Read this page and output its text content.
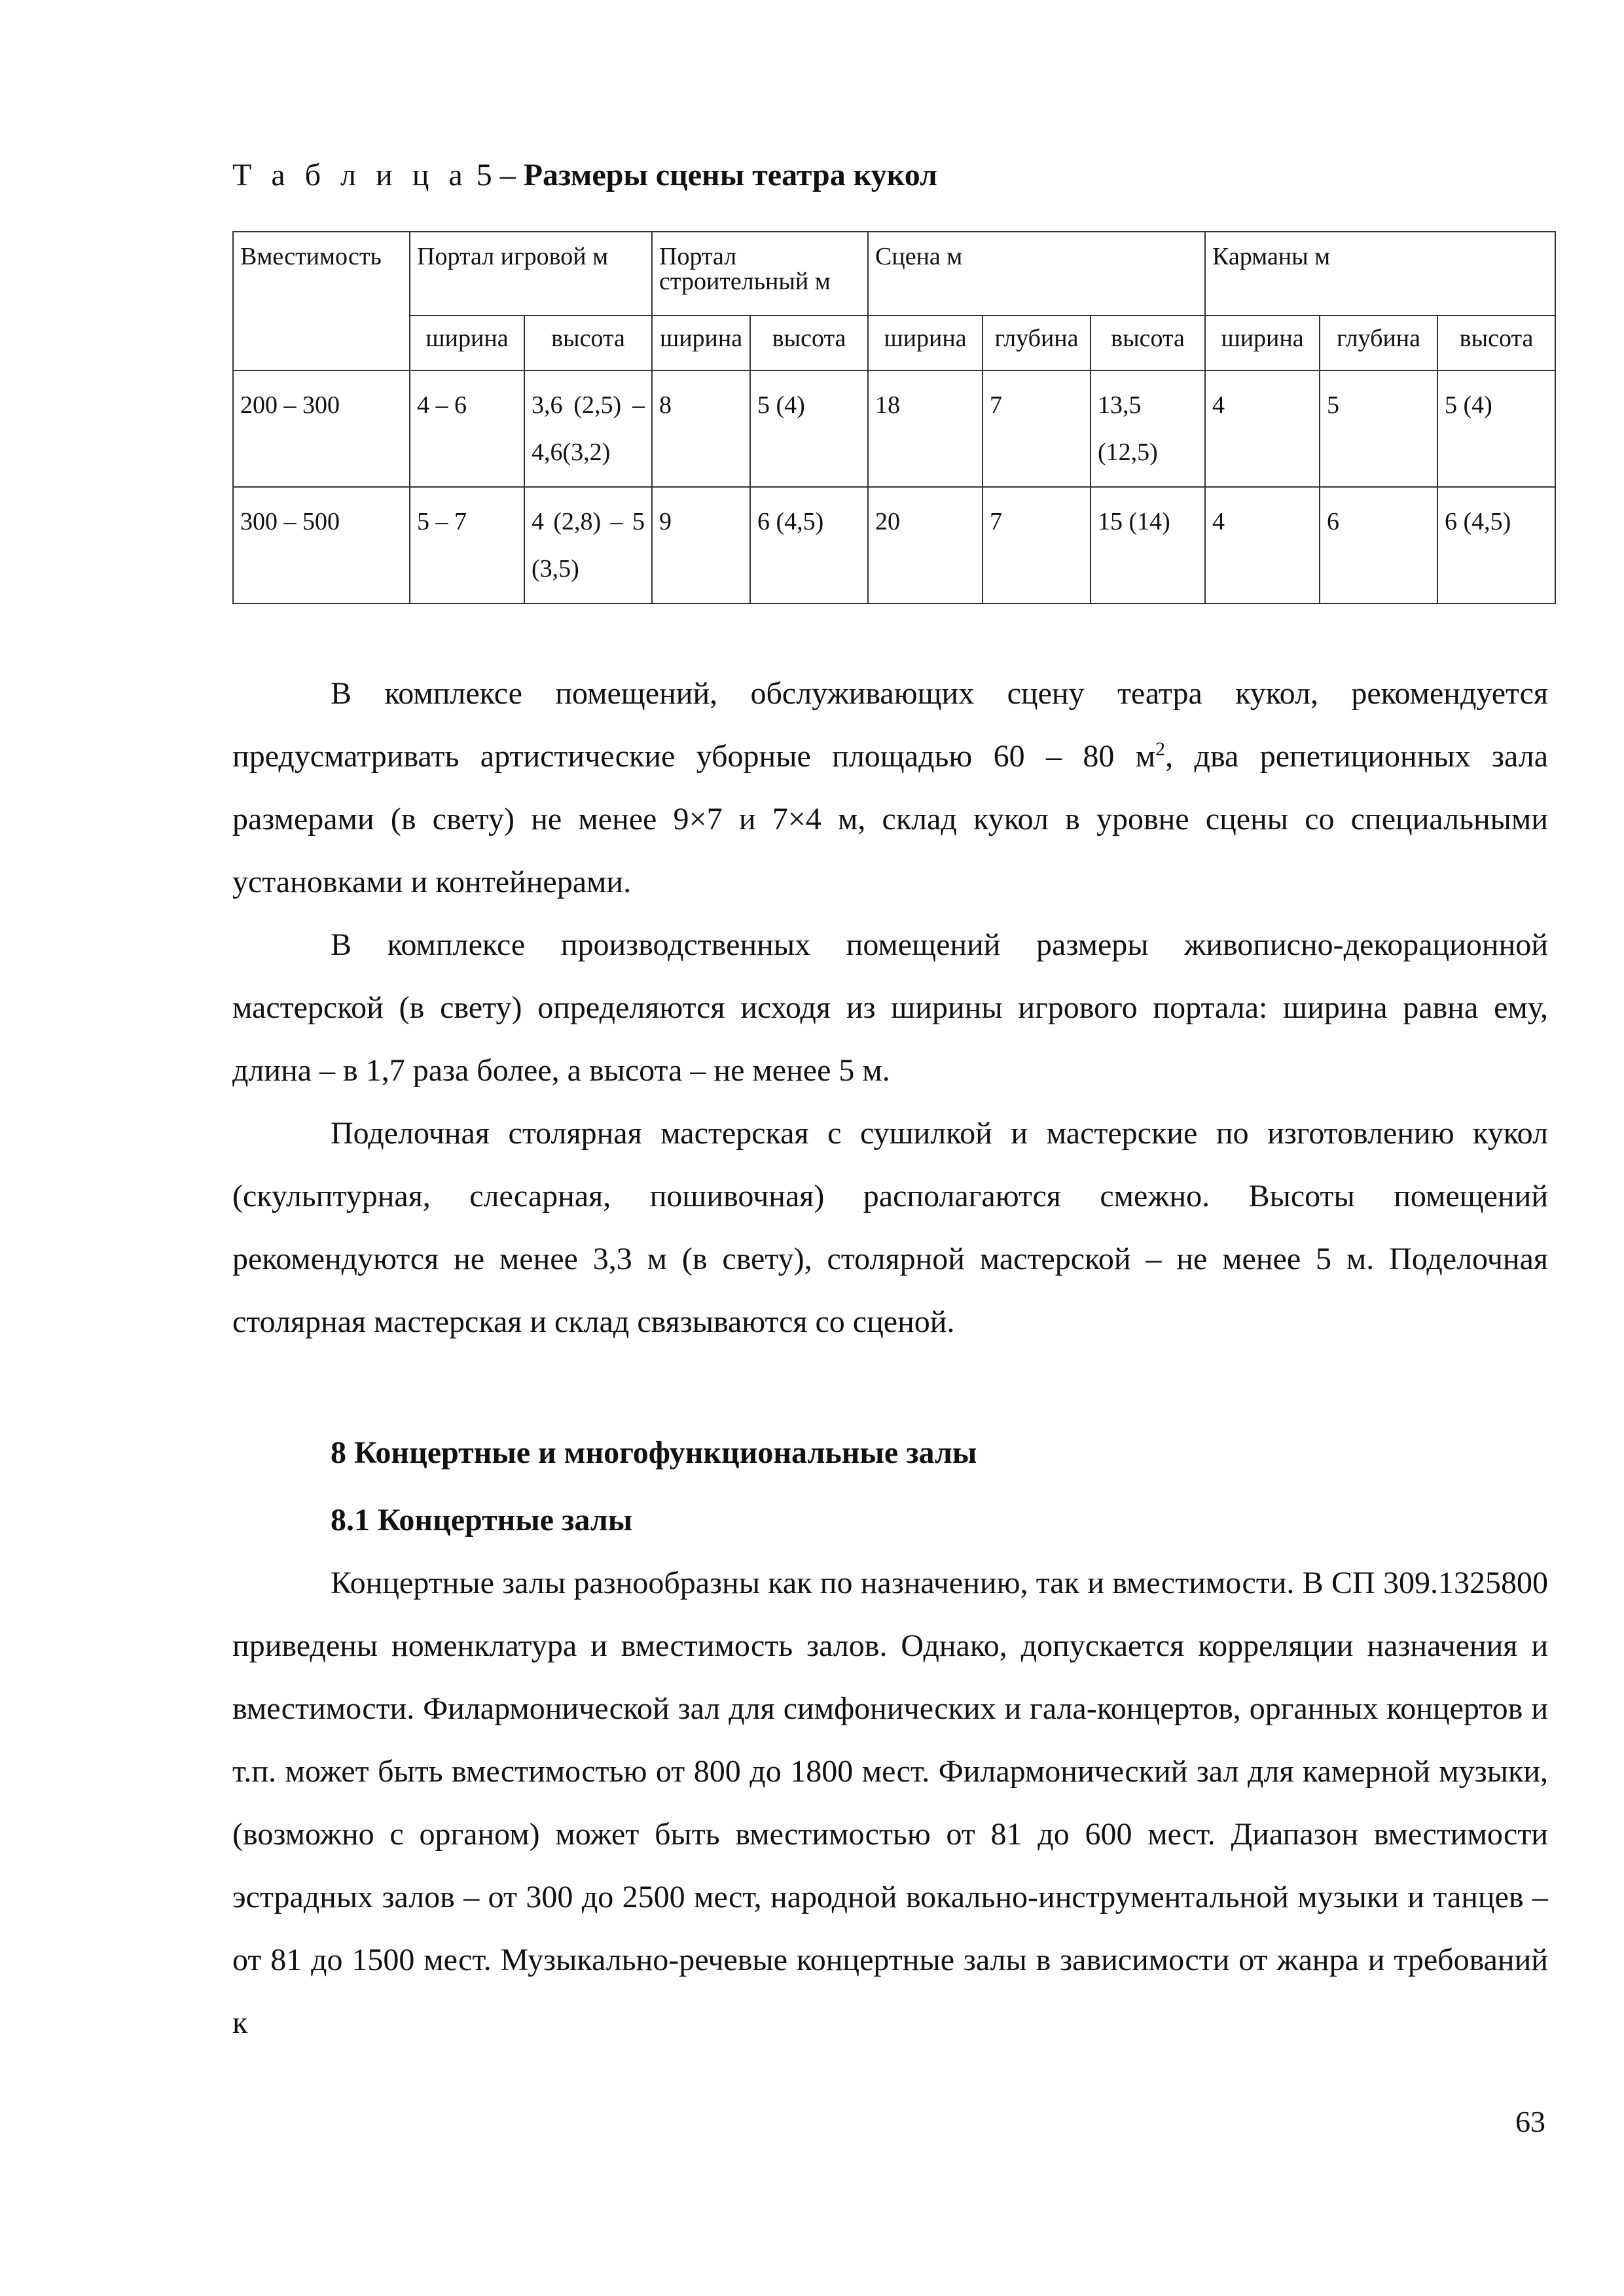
Т а б л и ц а 5 – Размеры сцены театра кукол
Вместимость	Портал игровой м		Портал строительный м		Сцена м			Карманы м		
	ширина	высота	ширина	высота	ширина	глубина	высота	ширина	глубина	высота
200 – 300	4 – 6	3,6 (2,5) –4,6(3,2)	8	5 (4)	18	7	13,5 (12,5)	4	5	5 (4)
300 – 500	5 – 7	4 (2,8) – 5 (3,5)	9	6 (4,5)	20	7	15 (14)	4	6	6 (4,5)

В комплексе помещений, обслуживающих сцену театра кукол, рекомендуется предусматривать артистические уборные площадью 60 – 80 $м^2$, два репетиционных зала размерами (в свету) не менее 9×7 и 7×4 м, склад кукол в уровне сцены со специальными установками и контейнерами.

В комплексе производственных помещений размеры живописно-декорационной мастерской (в свету) определяются исходя из ширины игрового портала: ширина равна ему, длина – в 1,7 раза более, а высота – не менее 5 м.

Поделочная столярная мастерская с сушилкой и мастерские по изготовлению кукол (скульптурная, слесарная, пошивочная) располагаются смежно. Высоты помещений рекомендуются не менее 3,3 м (в свету), столярной мастерской – не менее 5 м. Поделочная столярная мастерская и склад связываются со сценой.

8 Концертные и многофункциональные залы

8.1 Концертные залы

Концертные залы разнообразны как по назначению, так и вместимости. В СП 309.1325800 приведены номенклатура и вместимость залов. Однако, допускается корреляции назначения и вместимости. Филармонической зал для симфонических и гала-концертов, органных концертов и т.п. может быть вместимостью от 800 до 1800 мест. Филармонический зал для камерной музыки, (возможно с органом) может быть вместимостью от 81 до 600 мест. Диапазон вместимости эстрадных залов – от 300 до 2500 мест, народной вокально-инструментальной музыки и танцев – от 81 до 1500 мест. Музыкально-речевые концертные залы в зависимости от жанра и требований к

63
